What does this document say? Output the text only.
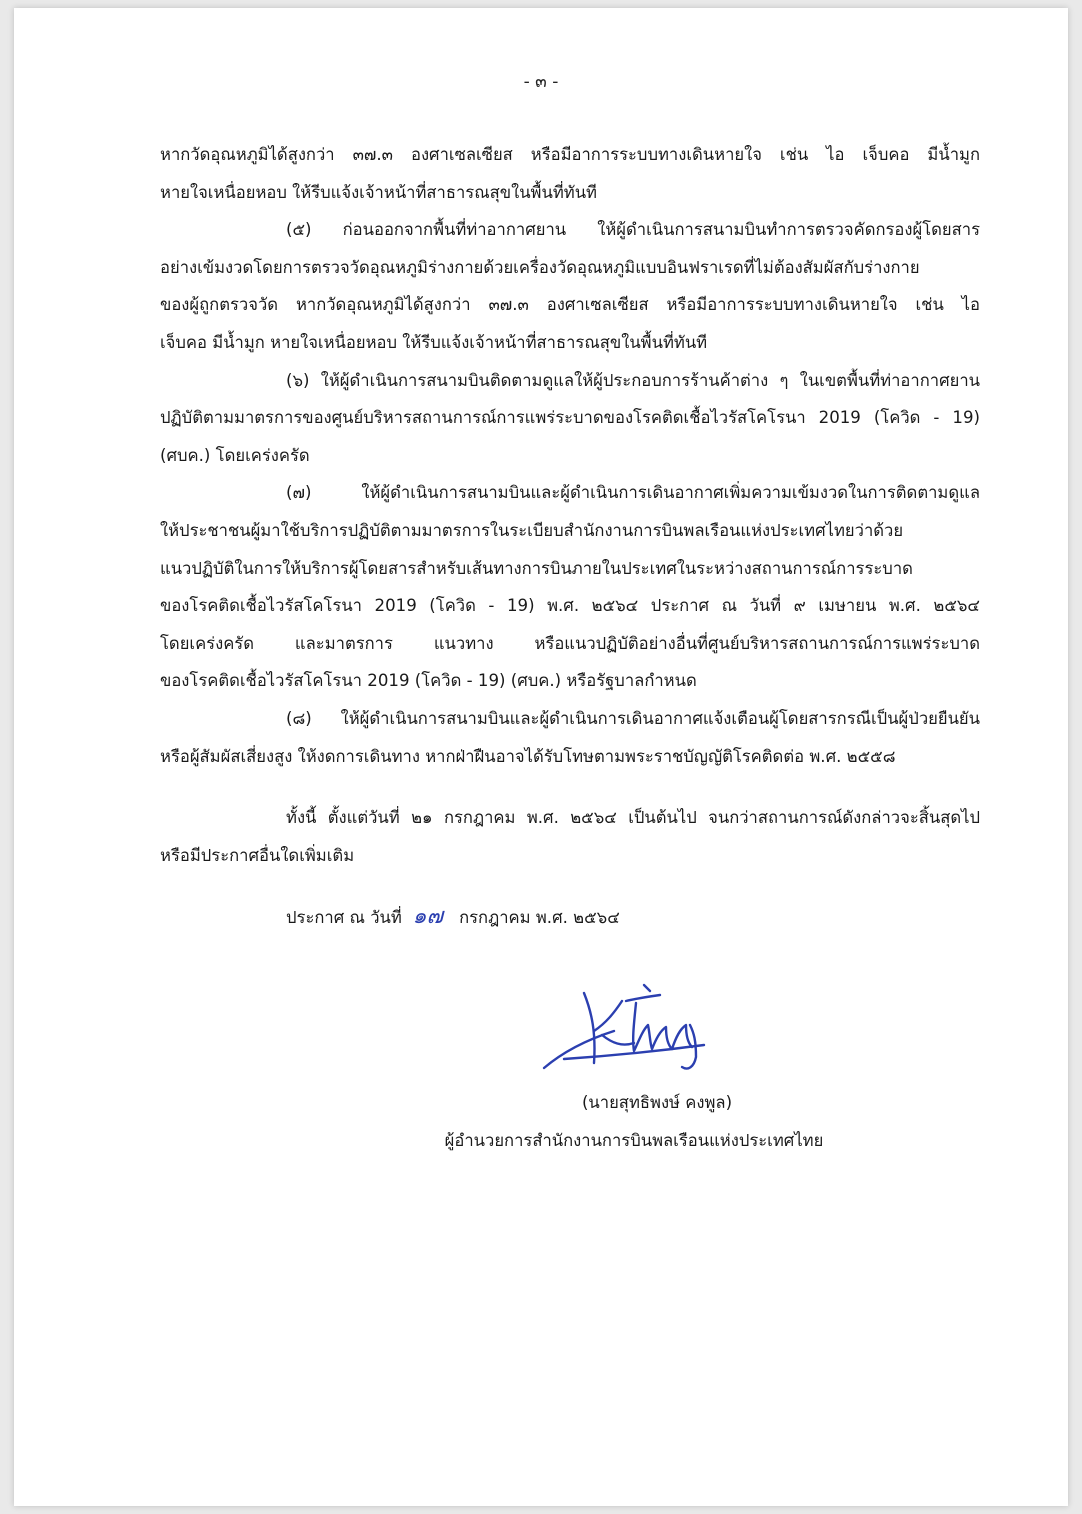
- ๓ -
หากวัดอุณหภูมิได้สูงกว่า ๓๗.๓ องศาเซลเซียส หรือมีอาการระบบทางเดินหายใจ เช่น ไอ เจ็บคอ มีน้ำมูก
หายใจเหนื่อยหอบ ให้รีบแจ้งเจ้าหน้าที่สาธารณสุขในพื้นที่ทันที
(๕) ก่อนออกจากพื้นที่ท่าอากาศยาน ให้ผู้ดำเนินการสนามบินทำการตรวจคัดกรองผู้โดยสาร
อย่างเข้มงวดโดยการตรวจวัดอุณหภูมิร่างกายด้วยเครื่องวัดอุณหภูมิแบบอินฟราเรดที่ไม่ต้องสัมผัสกับร่างกาย
ของผู้ถูกตรวจวัด หากวัดอุณหภูมิได้สูงกว่า ๓๗.๓ องศาเซลเซียส หรือมีอาการระบบทางเดินหายใจ เช่น ไอ
เจ็บคอ มีน้ำมูก หายใจเหนื่อยหอบ ให้รีบแจ้งเจ้าหน้าที่สาธารณสุขในพื้นที่ทันที
(๖) ให้ผู้ดำเนินการสนามบินติดตามดูแลให้ผู้ประกอบการร้านค้าต่าง ๆ ในเขตพื้นที่ท่าอากาศยาน
ปฏิบัติตามมาตรการของศูนย์บริหารสถานการณ์การแพร่ระบาดของโรคติดเชื้อไวรัสโคโรนา 2019 (โควิด - 19)
(ศบค.) โดยเคร่งครัด
(๗) ให้ผู้ดำเนินการสนามบินและผู้ดำเนินการเดินอากาศเพิ่มความเข้มงวดในการติดตามดูแล
ให้ประชาชนผู้มาใช้บริการปฏิบัติตามมาตรการในระเบียบสำนักงานการบินพลเรือนแห่งประเทศไทยว่าด้วย
แนวปฏิบัติในการให้บริการผู้โดยสารสำหรับเส้นทางการบินภายในประเทศในระหว่างสถานการณ์การระบาด
ของโรคติดเชื้อไวรัสโคโรนา 2019 (โควิด - 19) พ.ศ. ๒๕๖๔ ประกาศ ณ วันที่ ๙ เมษายน พ.ศ. ๒๕๖๔
โดยเคร่งครัด และมาตรการ แนวทาง หรือแนวปฏิบัติอย่างอื่นที่ศูนย์บริหารสถานการณ์การแพร่ระบาด
ของโรคติดเชื้อไวรัสโคโรนา 2019 (โควิด - 19) (ศบค.) หรือรัฐบาลกำหนด
(๘) ให้ผู้ดำเนินการสนามบินและผู้ดำเนินการเดินอากาศแจ้งเตือนผู้โดยสารกรณีเป็นผู้ป่วยยืนยัน
หรือผู้สัมผัสเสี่ยงสูง ให้งดการเดินทาง หากฝ่าฝืนอาจได้รับโทษตามพระราชบัญญัติโรคติดต่อ พ.ศ. ๒๕๕๘
ทั้งนี้ ตั้งแต่วันที่ ๒๑ กรกฎาคม พ.ศ. ๒๕๖๔ เป็นต้นไป จนกว่าสถานการณ์ดังกล่าวจะสิ้นสุดไป
หรือมีประกาศอื่นใดเพิ่มเติม
ประกาศ ณ วันที่ ๑๗ กรกฎาคม พ.ศ. ๒๕๖๔
(นายสุทธิพงษ์ คงพูล)
ผู้อำนวยการสำนักงานการบินพลเรือนแห่งประเทศไทย
